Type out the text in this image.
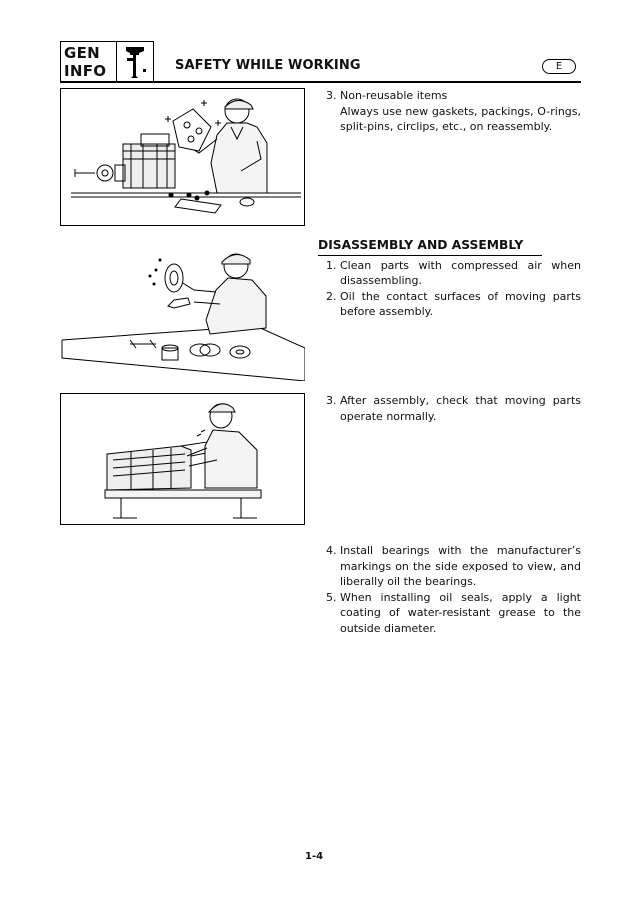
GEN
INFO	SAFETY WHILE WORKING	E
3. Non-reusable items
Always use new gaskets, packings, O-rings, split-pins, circlips, etc., on reassembly.
DISASSEMBLY AND ASSEMBLY
1. Clean parts with compressed air when disassembling.
2. Oil the contact surfaces of moving parts before assembly.
3. After assembly, check that moving parts operate normally.
4. Install bearings with the manufacturer’s markings on the side exposed to view, and liberally oil the bearings.
5. When installing oil seals, apply a light coating of water-resistant grease to the outside diameter.
1-4
